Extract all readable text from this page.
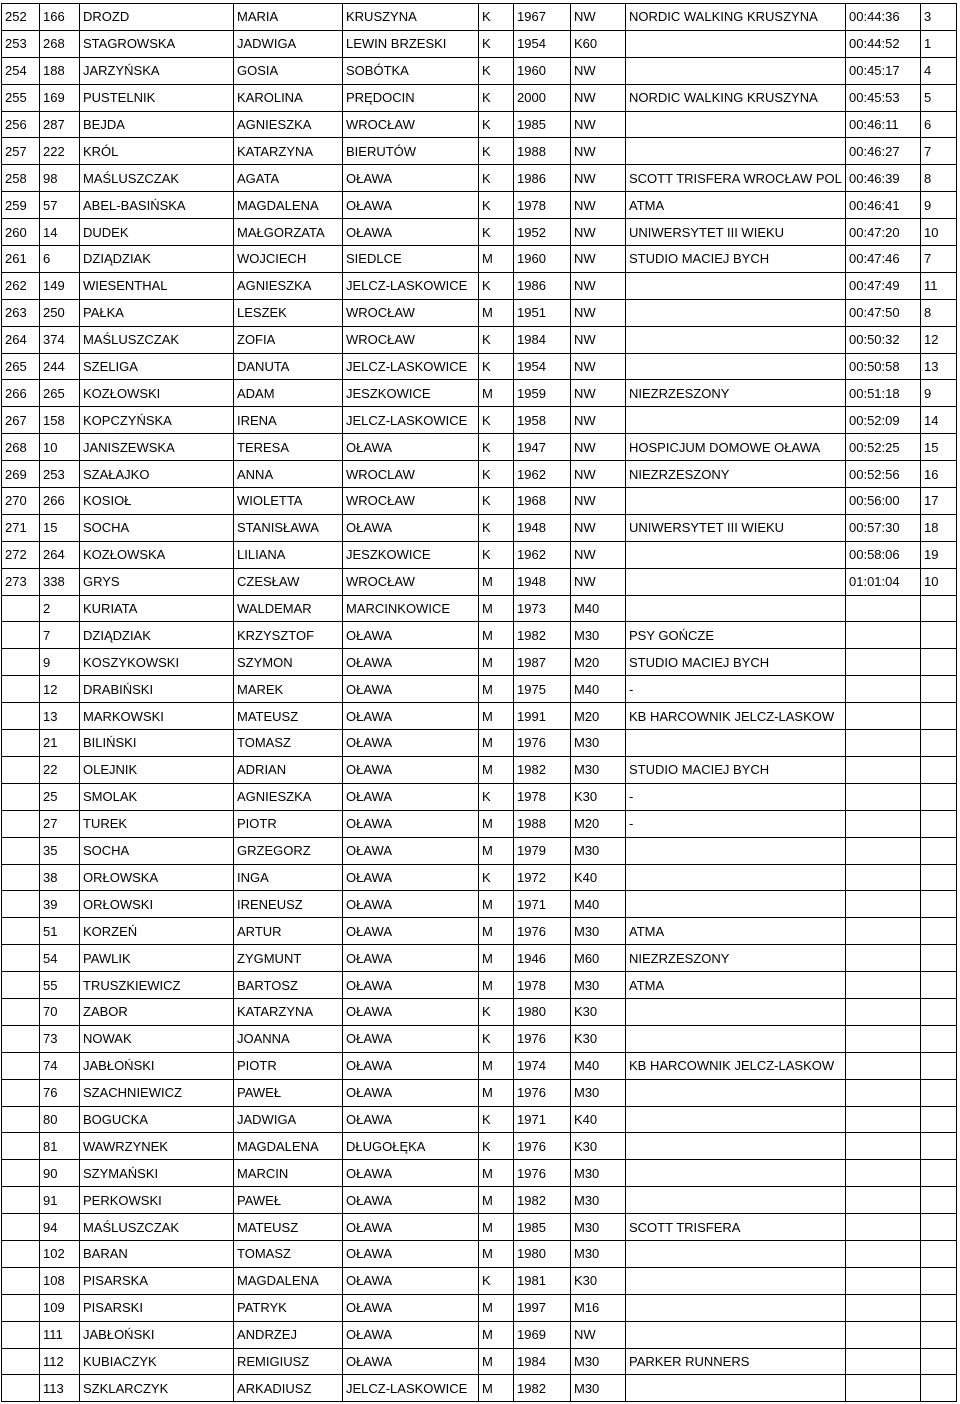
252	166	DROZD	MARIA	KRUSZYNA	K	1967	NW	NORDIC WALKING KRUSZYNA	00:44:36	3
253	268	STAGROWSKA	JADWIGA	LEWIN BRZESKI	K	1954	K60		00:44:52	1
254	188	JARZYŃSKA	GOSIA	SOBÓTKA	K	1960	NW		00:45:17	4
255	169	PUSTELNIK	KAROLINA	PRĘDOCIN	K	2000	NW	NORDIC WALKING KRUSZYNA	00:45:53	5
256	287	BEJDA	AGNIESZKA	WROCŁAW	K	1985	NW		00:46:11	6
257	222	KRÓL	KATARZYNA	BIERUTÓW	K	1988	NW		00:46:27	7
258	98	MAŚLUSZCZAK	AGATA	OŁAWA	K	1986	NW	SCOTT TRISFERA WROCŁAW POL	00:46:39	8
259	57	ABEL-BASIŃSKA	MAGDALENA	OŁAWA	K	1978	NW	ATMA	00:46:41	9
260	14	DUDEK	MAŁGORZATA	OŁAWA	K	1952	NW	UNIWERSYTET III WIEKU	00:47:20	10
261	6	DZIĄDZIAK	WOJCIECH	SIEDLCE	M	1960	NW	STUDIO MACIEJ BYCH	00:47:46	7
262	149	WIESENTHAL	AGNIESZKA	JELCZ-LASKOWICE	K	1986	NW		00:47:49	11
263	250	PAŁKA	LESZEK	WROCŁAW	M	1951	NW		00:47:50	8
264	374	MAŚLUSZCZAK	ZOFIA	WROCŁAW	K	1984	NW		00:50:32	12
265	244	SZELIGA	DANUTA	JELCZ-LASKOWICE	K	1954	NW		00:50:58	13
266	265	KOZŁOWSKI	ADAM	JESZKOWICE	M	1959	NW	NIEZRZESZONY	00:51:18	9
267	158	KOPCZYŃSKA	IRENA	JELCZ-LASKOWICE	K	1958	NW		00:52:09	14
268	10	JANISZEWSKA	TERESA	OŁAWA	K	1947	NW	HOSPICJUM DOMOWE OŁAWA	00:52:25	15
269	253	SZAŁAJKO	ANNA	WROCLAW	K	1962	NW	NIEZRZESZONY	00:52:56	16
270	266	KOSIOŁ	WIOLETTA	WROCŁAW	K	1968	NW		00:56:00	17
271	15	SOCHA	STANISŁAWA	OŁAWA	K	1948	NW	UNIWERSYTET III WIEKU	00:57:30	18
272	264	KOZŁOWSKA	LILIANA	JESZKOWICE	K	1962	NW		00:58:06	19
273	338	GRYS	CZESŁAW	WROCŁAW	M	1948	NW		01:01:04	10
	2	KURIATA	WALDEMAR	MARCINKOWICE	M	1973	M40			
	7	DZIĄDZIAK	KRZYSZTOF	OŁAWA	M	1982	M30	PSY GOŃCZE		
	9	KOSZYKOWSKI	SZYMON	OŁAWA	M	1987	M20	STUDIO MACIEJ BYCH		
	12	DRABIŃSKI	MAREK	OŁAWA	M	1975	M40	-		
	13	MARKOWSKI	MATEUSZ	OŁAWA	M	1991	M20	KB HARCOWNIK JELCZ-LASKOW		
	21	BILIŃSKI	TOMASZ	OŁAWA	M	1976	M30			
	22	OLEJNIK	ADRIAN	OŁAWA	M	1982	M30	STUDIO MACIEJ BYCH		
	25	SMOLAK	AGNIESZKA	OŁAWA	K	1978	K30	-		
	27	TUREK	PIOTR	OŁAWA	M	1988	M20	-		
	35	SOCHA	GRZEGORZ	OŁAWA	M	1979	M30			
	38	ORŁOWSKA	INGA	OŁAWA	K	1972	K40			
	39	ORŁOWSKI	IRENEUSZ	OŁAWA	M	1971	M40			
	51	KORZEŃ	ARTUR	OŁAWA	M	1976	M30	ATMA		
	54	PAWLIK	ZYGMUNT	OŁAWA	M	1946	M60	NIEZRZESZONY		
	55	TRUSZKIEWICZ	BARTOSZ	OŁAWA	M	1978	M30	ATMA		
	70	ZABOR	KATARZYNA	OŁAWA	K	1980	K30			
	73	NOWAK	JOANNA	OŁAWA	K	1976	K30			
	74	JABŁOŃSKI	PIOTR	OŁAWA	M	1974	M40	KB HARCOWNIK JELCZ-LASKOW		
	76	SZACHNIEWICZ	PAWEŁ	OŁAWA	M	1976	M30			
	80	BOGUCKA	JADWIGA	OŁAWA	K	1971	K40			
	81	WAWRZYNEK	MAGDALENA	DŁUGOŁĘKA	K	1976	K30			
	90	SZYMAŃSKI	MARCIN	OŁAWA	M	1976	M30			
	91	PERKOWSKI	PAWEŁ	OŁAWA	M	1982	M30			
	94	MAŚLUSZCZAK	MATEUSZ	OŁAWA	M	1985	M30	SCOTT TRISFERA		
	102	BARAN	TOMASZ	OŁAWA	M	1980	M30			
	108	PISARSKA	MAGDALENA	OŁAWA	K	1981	K30			
	109	PISARSKI	PATRYK	OŁAWA	M	1997	M16			
	111	JABŁOŃSKI	ANDRZEJ	OŁAWA	M	1969	NW			
	112	KUBIACZYK	REMIGIUSZ	OŁAWA	M	1984	M30	PARKER RUNNERS		
	113	SZKLARCZYK	ARKADIUSZ	JELCZ-LASKOWICE	M	1982	M30			
